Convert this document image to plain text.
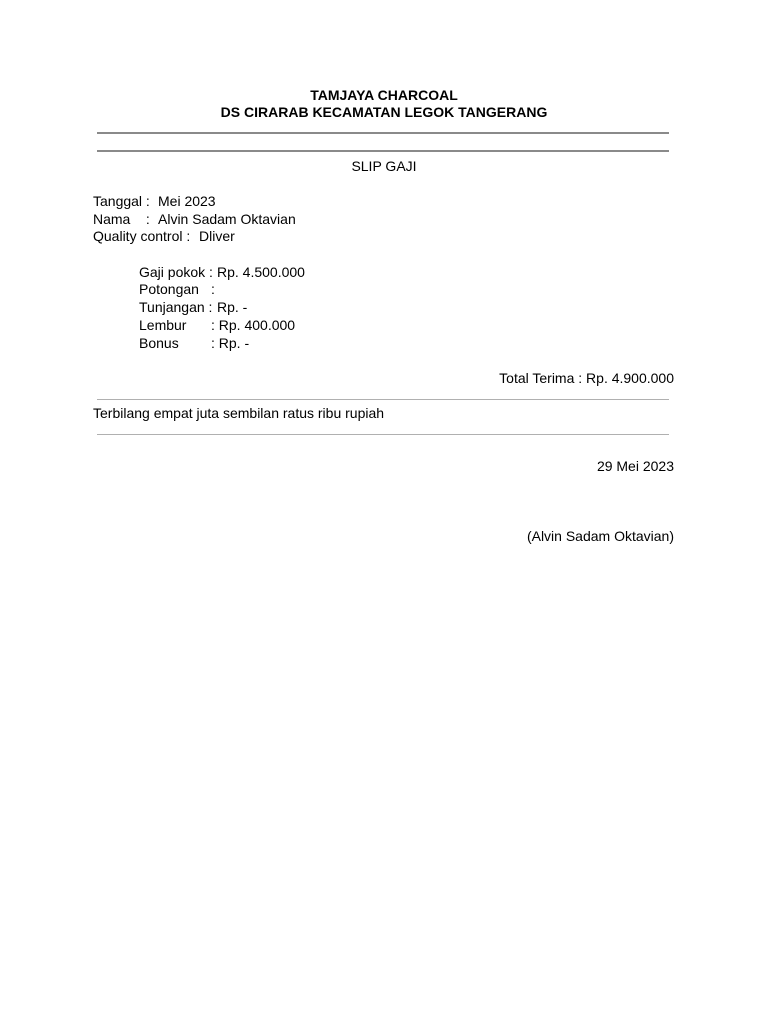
TAMJAYA CHARCOAL
DS CIRARAB KECAMATAN LEGOK TANGERANG
SLIP GAJI
Tanggal : Mei 2023
Nama    : Alvin Sadam Oktavian
Quality control : Dliver
Gaji pokok : Rp. 4.500.000
Potongan :
Tunjangan : Rp. -
Lembur : Rp. 400.000
Bonus : Rp. -
Total Terima : Rp. 4.900.000
Terbilang empat juta sembilan ratus ribu rupiah
29 Mei 2023
(Alvin Sadam Oktavian)
